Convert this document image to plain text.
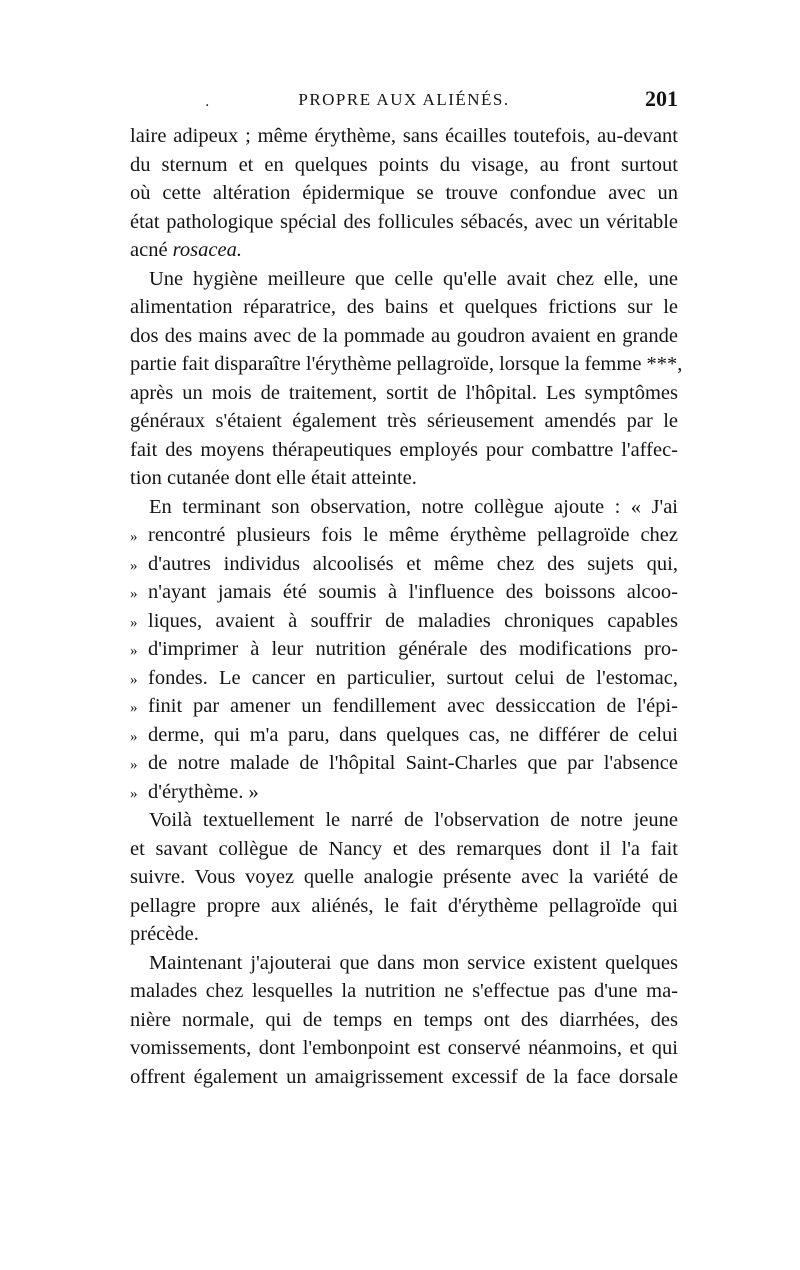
.	PROPRE AUX ALIÉNÉS.	201
laire adipeux ; même érythème, sans écailles toutefois, au-devant
du sternum et en quelques points du visage, au front surtout
où cette altération épidermique se trouve confondue avec un
état pathologique spécial des follicules sébacés, avec un véritable
acné rosacea.
Une hygiène meilleure que celle qu'elle avait chez elle, une
alimentation réparatrice, des bains et quelques frictions sur le
dos des mains avec de la pommade au goudron avaient en grande
partie fait disparaître l'érythème pellagroïde, lorsque la femme ***,
après un mois de traitement, sortit de l'hôpital. Les symptômes
généraux s'étaient également très sérieusement amendés par le
fait des moyens thérapeutiques employés pour combattre l'affec-
tion cutanée dont elle était atteinte.
En terminant son observation, notre collègue ajoute : « J'ai
» rencontré plusieurs fois le même érythème pellagroïde chez
» d'autres individus alcoolisés et même chez des sujets qui,
» n'ayant jamais été soumis à l'influence des boissons alcoo-
» liques, avaient à souffrir de maladies chroniques capables
» d'imprimer à leur nutrition générale des modifications pro-
» fondes. Le cancer en particulier, surtout celui de l'estomac,
» finit par amener un fendillement avec dessiccation de l'épi-
» derme, qui m'a paru, dans quelques cas, ne différer de celui
» de notre malade de l'hôpital Saint-Charles que par l'absence
» d'érythème. »
Voilà textuellement le narré de l'observation de notre jeune
et savant collègue de Nancy et des remarques dont il l'a fait
suivre. Vous voyez quelle analogie présente avec la variété de
pellagre propre aux aliénés, le fait d'érythème pellagroïde qui
précède.
Maintenant j'ajouterai que dans mon service existent quelques
malades chez lesquelles la nutrition ne s'effectue pas d'une ma-
nière normale, qui de temps en temps ont des diarrhées, des
vomissements, dont l'embonpoint est conservé néanmoins, et qui
offrent également un amaigrissement excessif de la face dorsale
